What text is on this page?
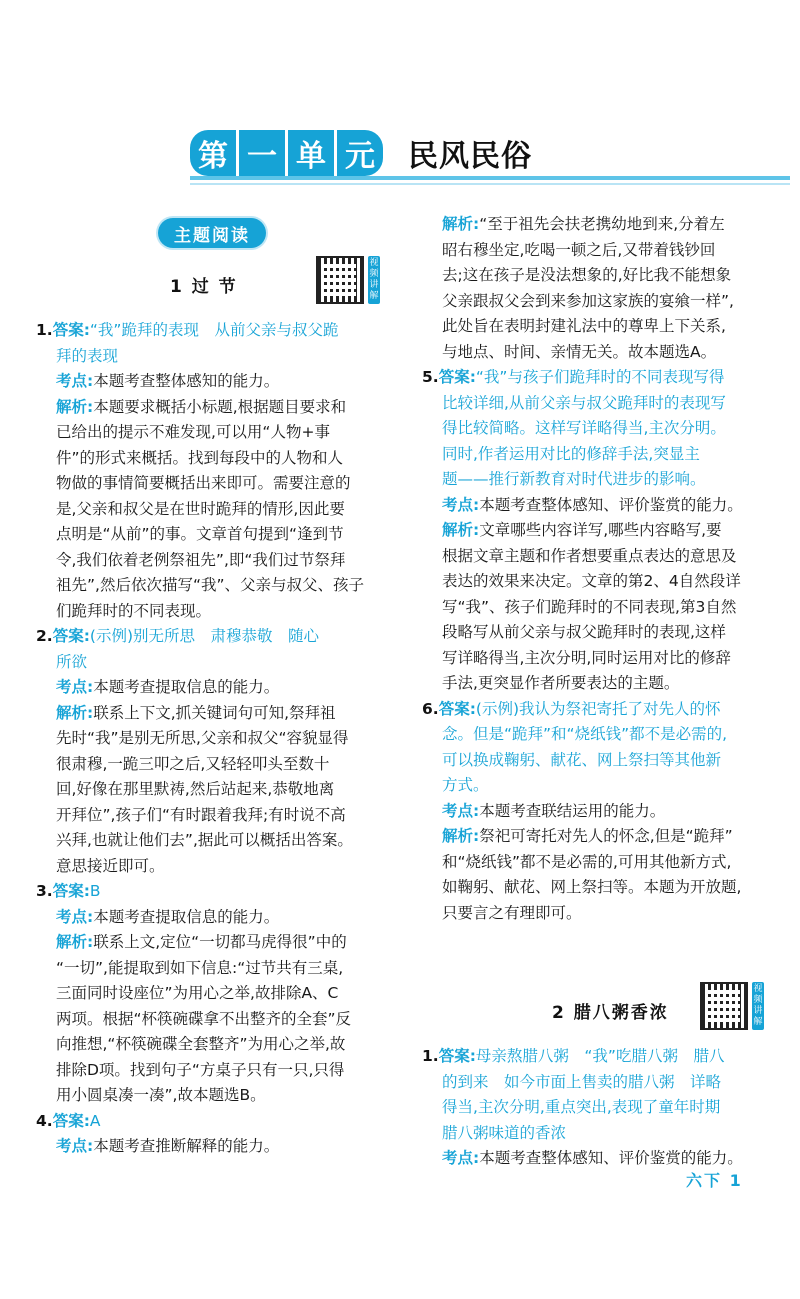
第 一 单 元 民风民俗
主题阅读
1 过 节
视频讲解
1.答案:“我”跪拜的表现　从前父亲与叔父跪
拜的表现
考点:本题考查整体感知的能力。
解析:本题要求概括小标题,根据题目要求和
已给出的提示不难发现,可以用“人物+事
件”的形式来概括。找到每段中的人物和人
物做的事情简要概括出来即可。需要注意的
是,父亲和叔父是在世时跪拜的情形,因此要
点明是“从前”的事。文章首句提到“逢到节
令,我们依着老例祭祖先”,即“我们过节祭拜
祖先”,然后依次描写“我”、父亲与叔父、孩子
们跪拜时的不同表现。
2.答案:(示例)别无所思　肃穆恭敬　随心
所欲
考点:本题考查提取信息的能力。
解析:联系上下文,抓关键词句可知,祭拜祖
先时“我”是别无所思,父亲和叔父“容貌显得
很肃穆,一跪三叩之后,又轻轻叩头至数十
回,好像在那里默祷,然后站起来,恭敬地离
开拜位”,孩子们“有时跟着我拜;有时说不高
兴拜,也就让他们去”,据此可以概括出答案。
意思接近即可。
3.答案:B
考点:本题考查提取信息的能力。
解析:联系上文,定位“一切都马虎得很”中的
“一切”,能提取到如下信息:“过节共有三桌,
三面同时设座位”为用心之举,故排除A、C
两项。根据“杯筷碗碟拿不出整齐的全套”反
向推想,“杯筷碗碟全套整齐”为用心之举,故
排除D项。找到句子“方桌子只有一只,只得
用小圆桌凑一凑”,故本题选B。
4.答案:A
考点:本题考查推断解释的能力。
解析:“至于祖先会扶老携幼地到来,分着左
昭右穆坐定,吃喝一顿之后,又带着钱钞回
去;这在孩子是没法想象的,好比我不能想象
父亲跟叔父会到来参加这家族的宴飨一样”,
此处旨在表明封建礼法中的尊卑上下关系,
与地点、时间、亲情无关。故本题选A。
5.答案:“我”与孩子们跪拜时的不同表现写得
比较详细,从前父亲与叔父跪拜时的表现写
得比较简略。这样写详略得当,主次分明。
同时,作者运用对比的修辞手法,突显主
题——推行新教育对时代进步的影响。
考点:本题考查整体感知、评价鉴赏的能力。
解析:文章哪些内容详写,哪些内容略写,要
根据文章主题和作者想要重点表达的意思及
表达的效果来决定。文章的第2、4自然段详
写“我”、孩子们跪拜时的不同表现,第3自然
段略写从前父亲与叔父跪拜时的表现,这样
写详略得当,主次分明,同时运用对比的修辞
手法,更突显作者所要表达的主题。
6.答案:(示例)我认为祭祀寄托了对先人的怀
念。但是“跪拜”和“烧纸钱”都不是必需的,
可以换成鞠躬、献花、网上祭扫等其他新
方式。
考点:本题考查联结运用的能力。
解析:祭祀可寄托对先人的怀念,但是“跪拜”
和“烧纸钱”都不是必需的,可用其他新方式,
如鞠躬、献花、网上祭扫等。本题为开放题,
只要言之有理即可。
2 腊八粥香浓
视频讲解
1.答案:母亲熬腊八粥　“我”吃腊八粥　腊八
的到来　如今市面上售卖的腊八粥　详略
得当,主次分明,重点突出,表现了童年时期
腊八粥味道的香浓
考点:本题考查整体感知、评价鉴赏的能力。
六下 1
